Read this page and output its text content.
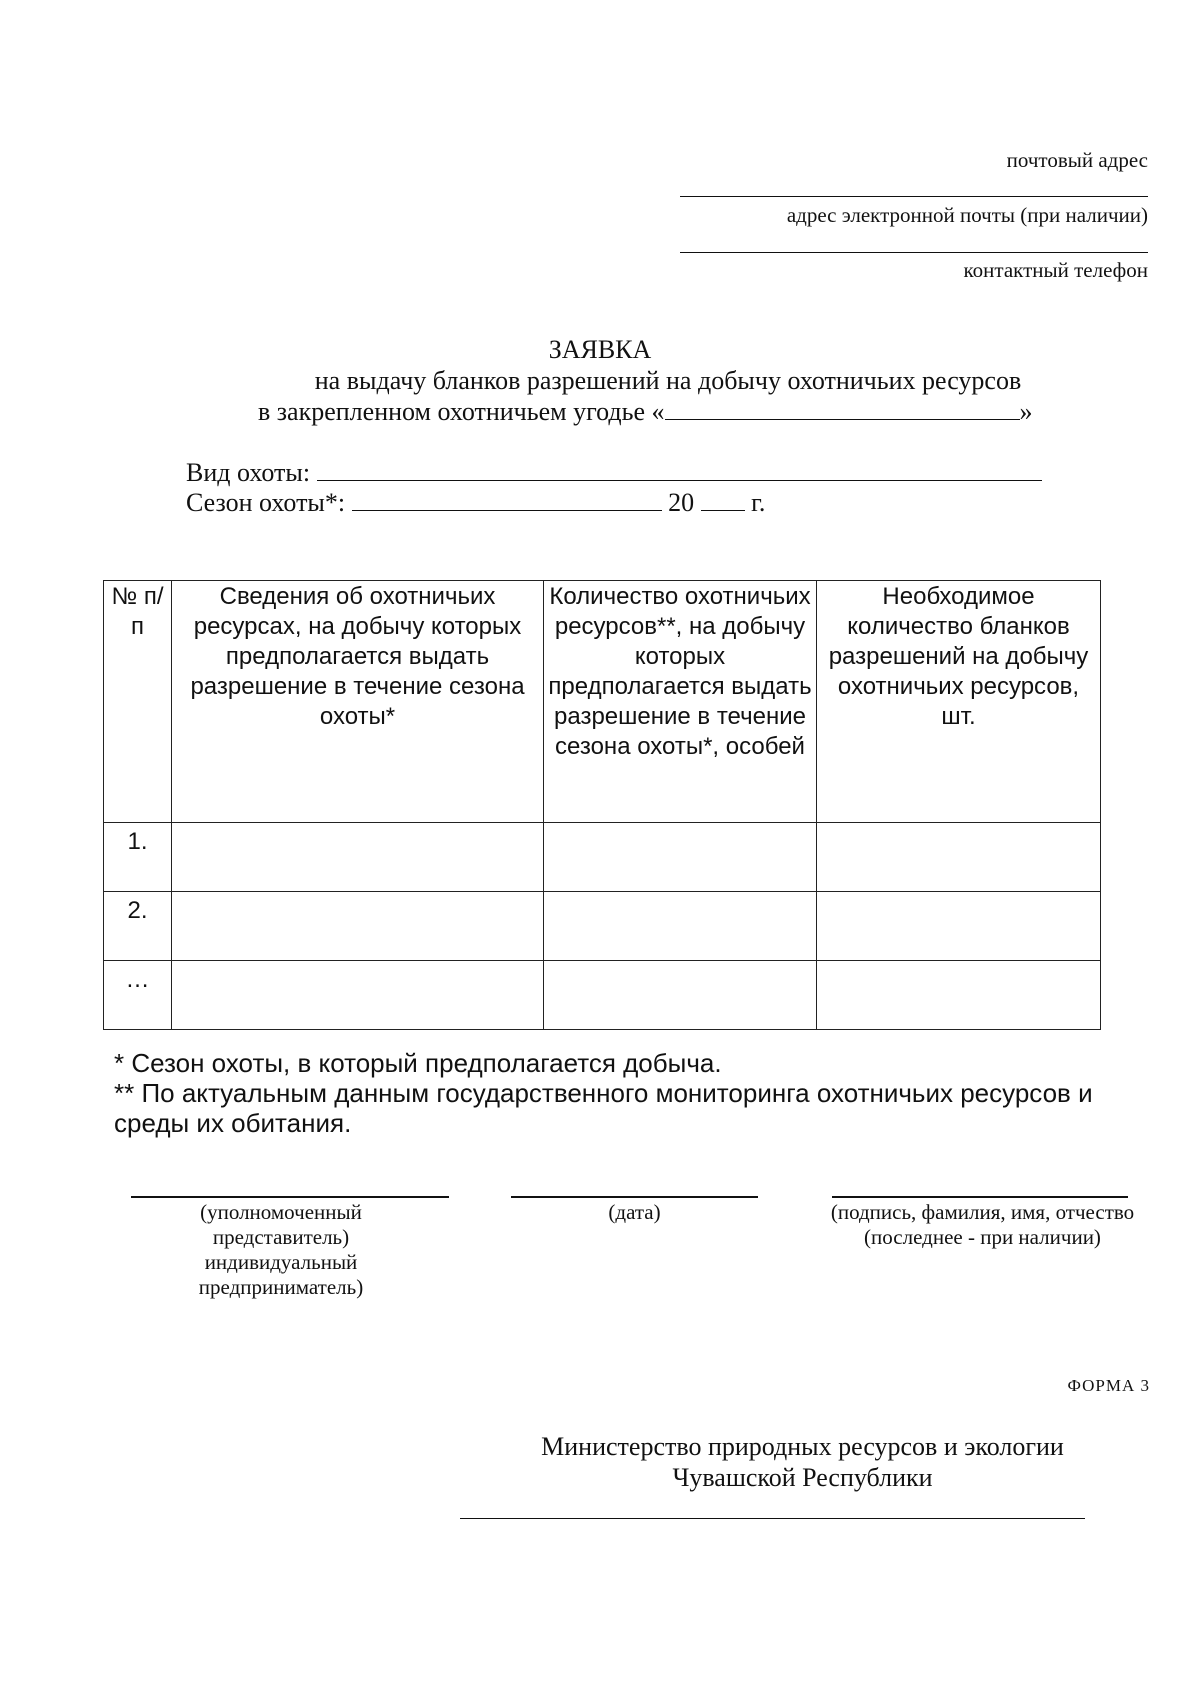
почтовый адрес
адрес электронной почты (при наличии)
контактный телефон
ЗАЯВКА
на выдачу бланков разрешений на добычу охотничьих ресурсов
в закрепленном охотничьем угодье «	»
Вид охоты:
Сезон охоты*:	20 г.
№ п/п	Сведения об охотничьих ресурсах, на добычу которых предполагается выдать разрешение в течение сезона охоты*	Количество охотничьих ресурсов**, на добычу которых предполагается выдать разрешение в течение сезона охоты*, особей	Необходимое количество бланков разрешений на добычу охотничьих ресурсов, шт.
1.			
2.			
…			
* Сезон охоты, в который предполагается добыча.
** По актуальным данным государственного мониторинга охотничьих ресурсов и среды их обитания.
(уполномоченный представитель) индивидуальный предприниматель)
(дата)	(подпись, фамилия, имя, отчество (последнее - при наличии)
ФОРМА 3
Министерство природных ресурсов и экологии
Чувашской Республики
